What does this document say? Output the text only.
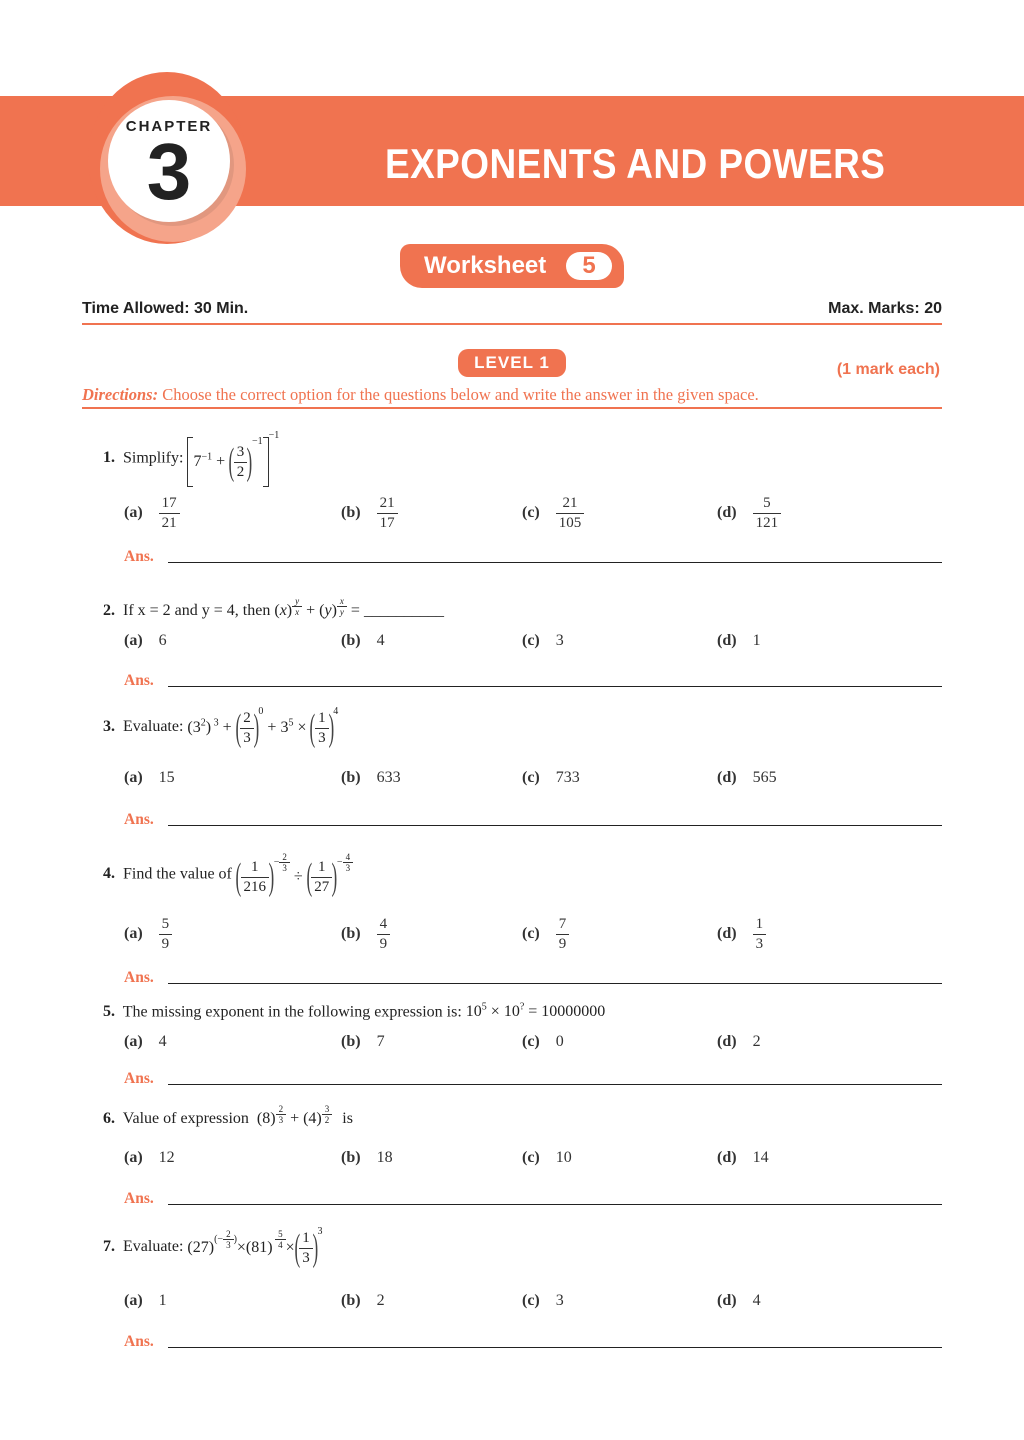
CHAPTER
3	EXPONENTS AND POWERS
Worksheet	5
Time Allowed: 30 Min.	Max. Marks: 20
LEVEL 1	(1 mark each)
Directions: Choose the correct option for the questions below and write the answer in the given space.
1. Simplify: $7^{-1}$ + ( $\frac{3}{2} )^{-1-1}$
$(a) \frac{17}{21}$	$(b) \frac{21}{17}$	$(c) \frac{21}{105}$	$(d) \frac{5}{121}$
Ans.
2. If x = 2 and y = 4, then (x) $^{\frac{y}{x}}$ + (y) $^{\frac{x}{y}}$ = __________
(a) 6	(b) 4	(c) 3	(d) 1
Ans.
3. Evaluate: $(3^2) ^3$ + ( $\frac{2}{3} )^0 + 3^5$ × ( $\frac{1}{3} )^4$
(a) 15	(b) 633	(c) 733	(d) 565
Ans.
4. Find the value of ( $\frac{1}{216} )^{- \frac{2}{3}}$
÷ ( $\frac{1}{27} )^{- \frac{4}{3}}$
$(a) \frac{5}{9}$	$(b) \frac{4}{9}$	$(c) \frac{7}{9}$	$(d) \frac{1}{3}$
Ans.
5. The missing exponent in the following expression is: $10^5 \times 10^? = 10000000$
(a) 4	(b) 7	(c) 0	(d) 2
Ans.
6. Value of expression  (8) $^{\frac{2}{3}}$ + (4) $^{\frac{3}{2}}$ is
(a) 12	(b) 18	(c) 10	(d) 14
Ans.
7. Evaluate: $(27)^{(- \frac{2}{3} )}\times(81)$ $^{\frac{5}{4}}$ ×( $\frac{1}{3} )^3$
(a) 1	(b) 2	(c) 3	(d) 4
Ans.
